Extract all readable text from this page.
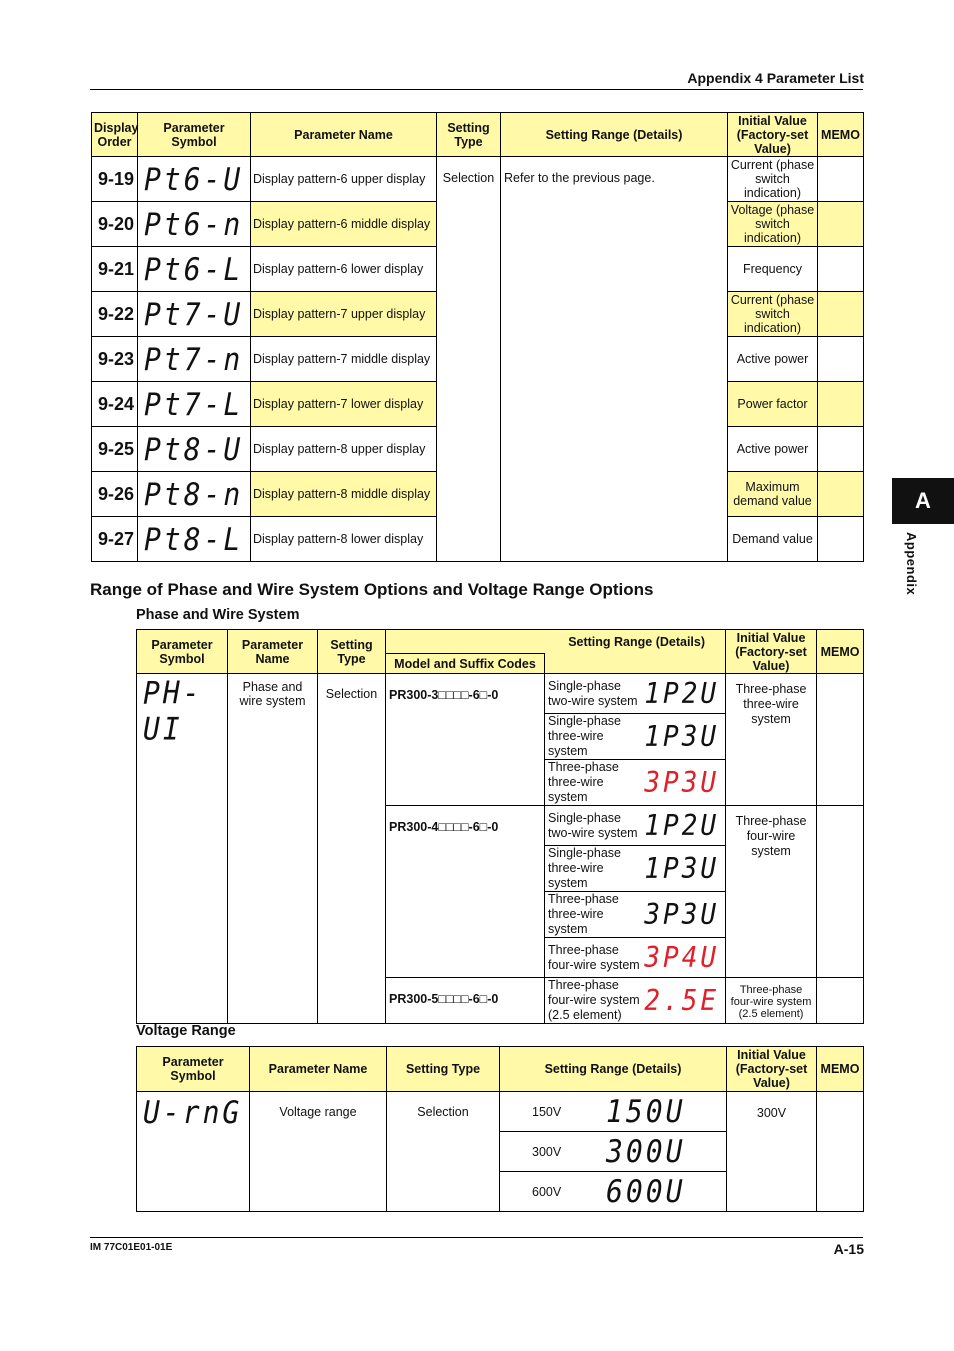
Appendix 4 Parameter List
A
Appendix
Display Order	Parameter Symbol	Parameter Name	Setting Type	Setting Range (Details)	Initial Value (Factory-set Value)	MEMO
9-19	Pt6-U	Display pattern-6 upper display	Selection	Refer to the previous page.	Current (phase switch indication)	
9-20	Pt6-n	Display pattern-6 middle display			Voltage (phase switch indication)	
9-21	Pt6-L	Display pattern-6 lower display			Frequency	
9-22	Pt7-U	Display pattern-7 upper display			Current (phase switch indication)	
9-23	Pt7-n	Display pattern-7 middle display			Active power	
9-24	Pt7-L	Display pattern-7 lower display			Power factor	
9-25	Pt8-U	Display pattern-8 upper display			Active power	
9-26	Pt8-n	Display pattern-8 middle display			Maximum demand value	
9-27	Pt8-L	Display pattern-8 lower display			Demand value	
Range of Phase and Wire System Options and Voltage Range Options
Phase and Wire System
Parameter Symbol	Parameter Name	Setting Type	Setting Range (Details)		Initial Value (Factory-set Value)	MEMO
			Model and Suffix Codes			
PH-UI	Phase and wire system	Selection	PR300-3□□□□-6□-0	Single-phase two-wire system 1P2U	Three-phase three-wire system	

				Single-phase three-wire system 1P3U		

				Three-phase three-wire system 3P3U		

			PR300-4□□□□-6□-0	Single-phase two-wire system 1P2U	Three-phase four-wire system	

				Single-phase three-wire system 1P3U		

				Three-phase three-wire system 3P3U		

				Three-phase four-wire system 3P4U		

			PR300-5□□□□-6□-0	Three-phase four-wire system (2.5 element) 2.5E	Three-phase four-wire system (2.5 element)	
Voltage Range
Parameter Symbol	Parameter Name	Setting Type	Setting Range (Details)	Initial Value (Factory-set Value)	MEMO
U-rnG	Voltage range	Selection	150V 150U	300V	

			300V 300U		

			600V 600U		
IM 77C01E01-01E	A-15
